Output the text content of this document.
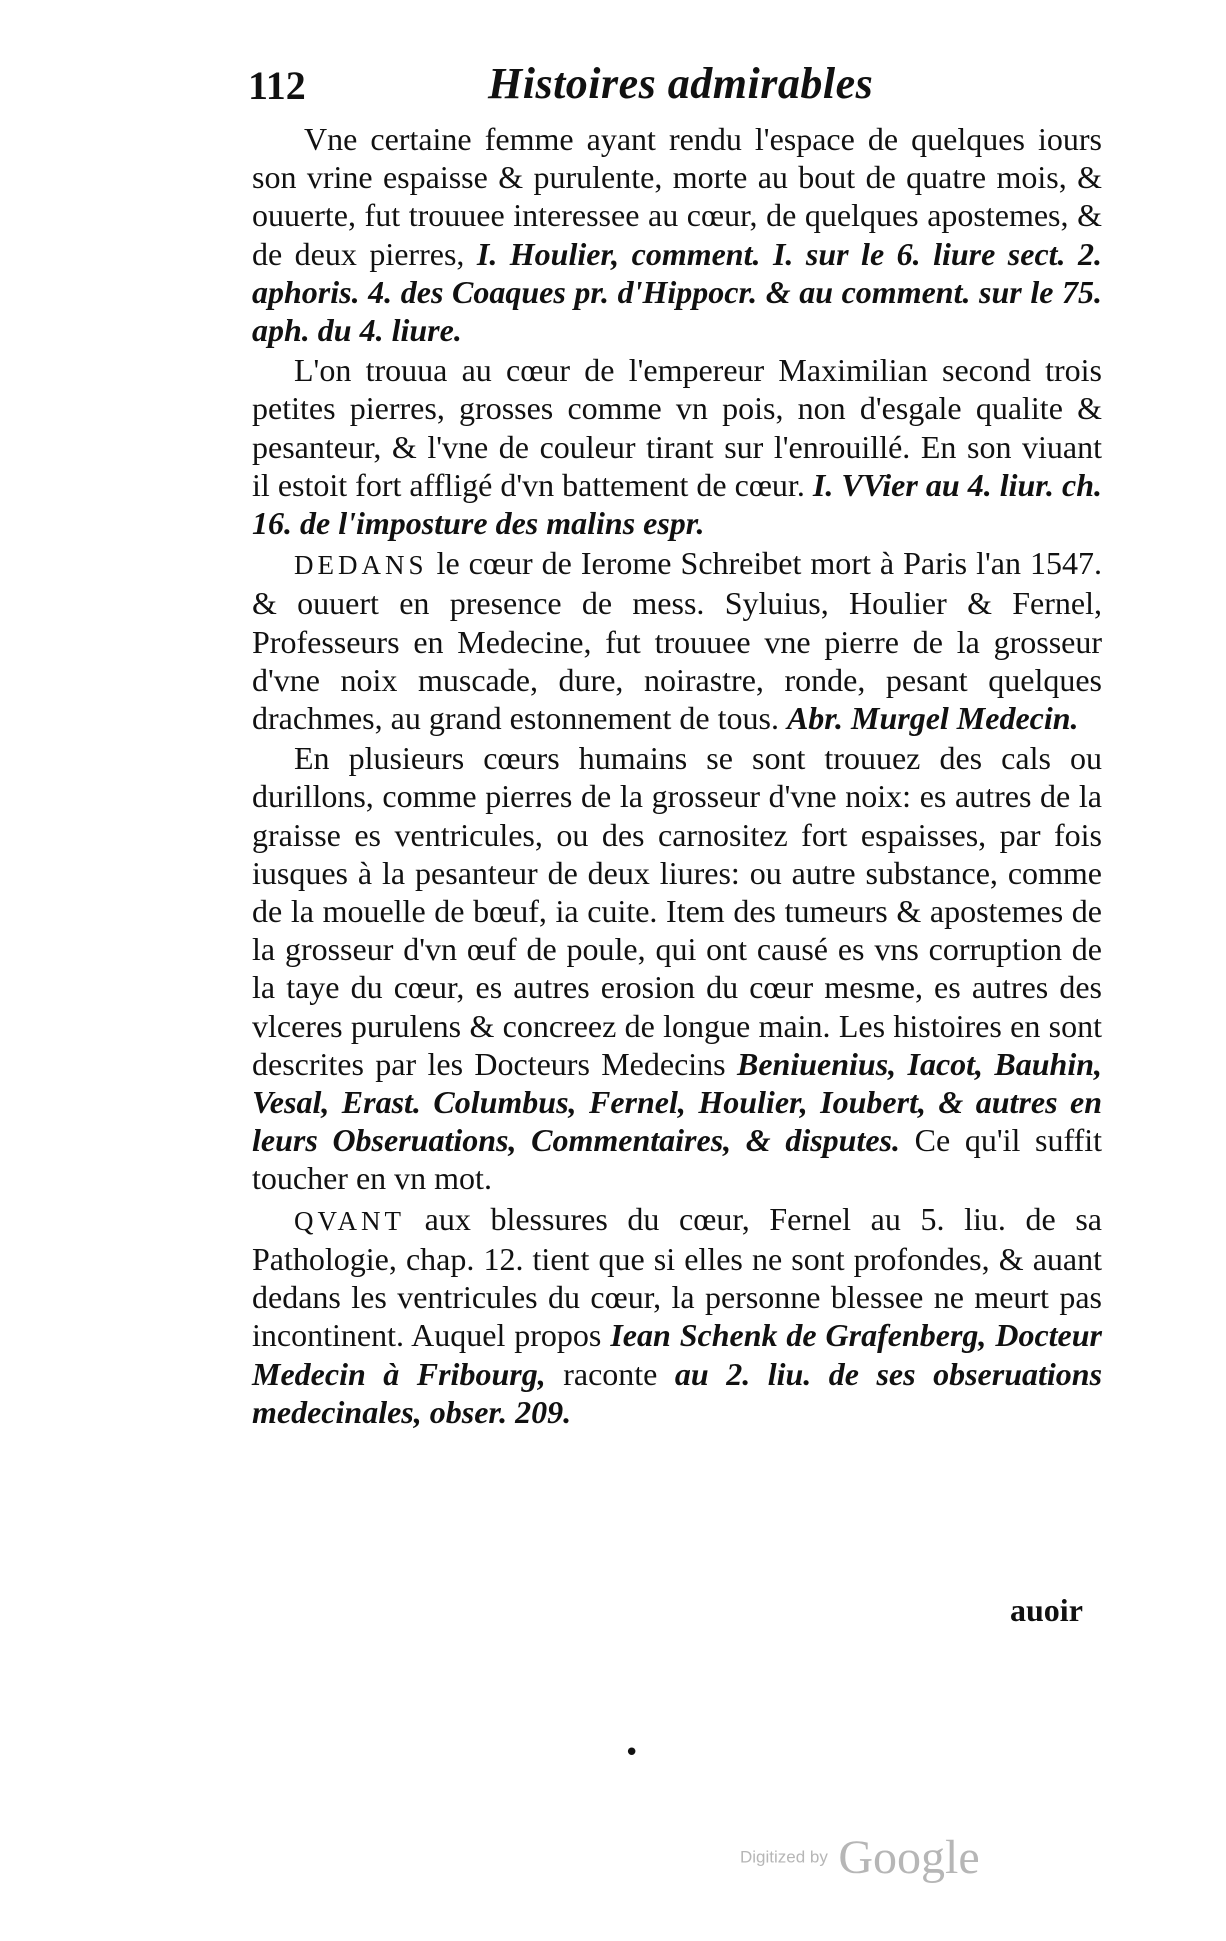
112	Histoires admirables

Vne certaine femme ayant rendu l'espace de quelques iours son vrine espaisse & purulente, morte au bout de quatre mois, & ouuerte, fut trouuee interessee au cœur, de quelques apostemes, & de deux pierres, I. Houlier, comment. I. sur le 6. liure sect. 2. aphoris. 4. des Coaques pr. d'Hippocr. & au comment. sur le 75. aph. du 4. liure.

L'on trouua au cœur de l'empereur Maximilian second trois petites pierres, grosses comme vn pois, non d'esgale qualite & pesanteur, & l'vne de couleur tirant sur l'enrouillé. En son viuant il estoit fort affligé d'vn battement de cœur. I. VVier au 4. liur. ch. 16. de l'imposture des malins espr.

DEDANS le cœur de Ierome Schreibet mort à Paris l'an 1547. & ouuert en presence de mess. Syluius, Houlier & Fernel, Professeurs en Medecine, fut trouuee vne pierre de la grosseur d'vne noix muscade, dure, noirastre, ronde, pesant quelques drachmes, au grand estonnement de tous. Abr. Murgel Medecin.

En plusieurs cœurs humains se sont trouuez des cals ou durillons, comme pierres de la grosseur d'vne noix: es autres de la graisse es ventricules, ou des carnositez fort espaisses, par fois iusques à la pesanteur de deux liures: ou autre substance, comme de la mouelle de bœuf, ia cuite. Item des tumeurs & apostemes de la grosseur d'vn œuf de poule, qui ont causé es vns corruption de la taye du cœur, es autres erosion du cœur mesme, es autres des vlceres purulens & concreez de longue main. Les histoires en sont descrites par les Docteurs Medecins Beniuenius, Iacot, Bauhin, Vesal, Erast. Columbus, Fernel, Houlier, Ioubert, & autres en leurs Obseruations, Commentaires, & disputes. Ce qu'il suffit toucher en vn mot.

QVANT aux blessures du cœur, Fernel au 5. liu. de sa Pathologie, chap. 12. tient que si elles ne sont profondes, & auant dedans les ventricules du cœur, la personne blessee ne meurt pas incontinent. Auquel propos Iean Schenk de Grafenberg, Docteur Medecin à Fribourg, raconte au 2. liu. de ses obseruations medecinales, obser. 209.

auoir
•
Digitized by Google
